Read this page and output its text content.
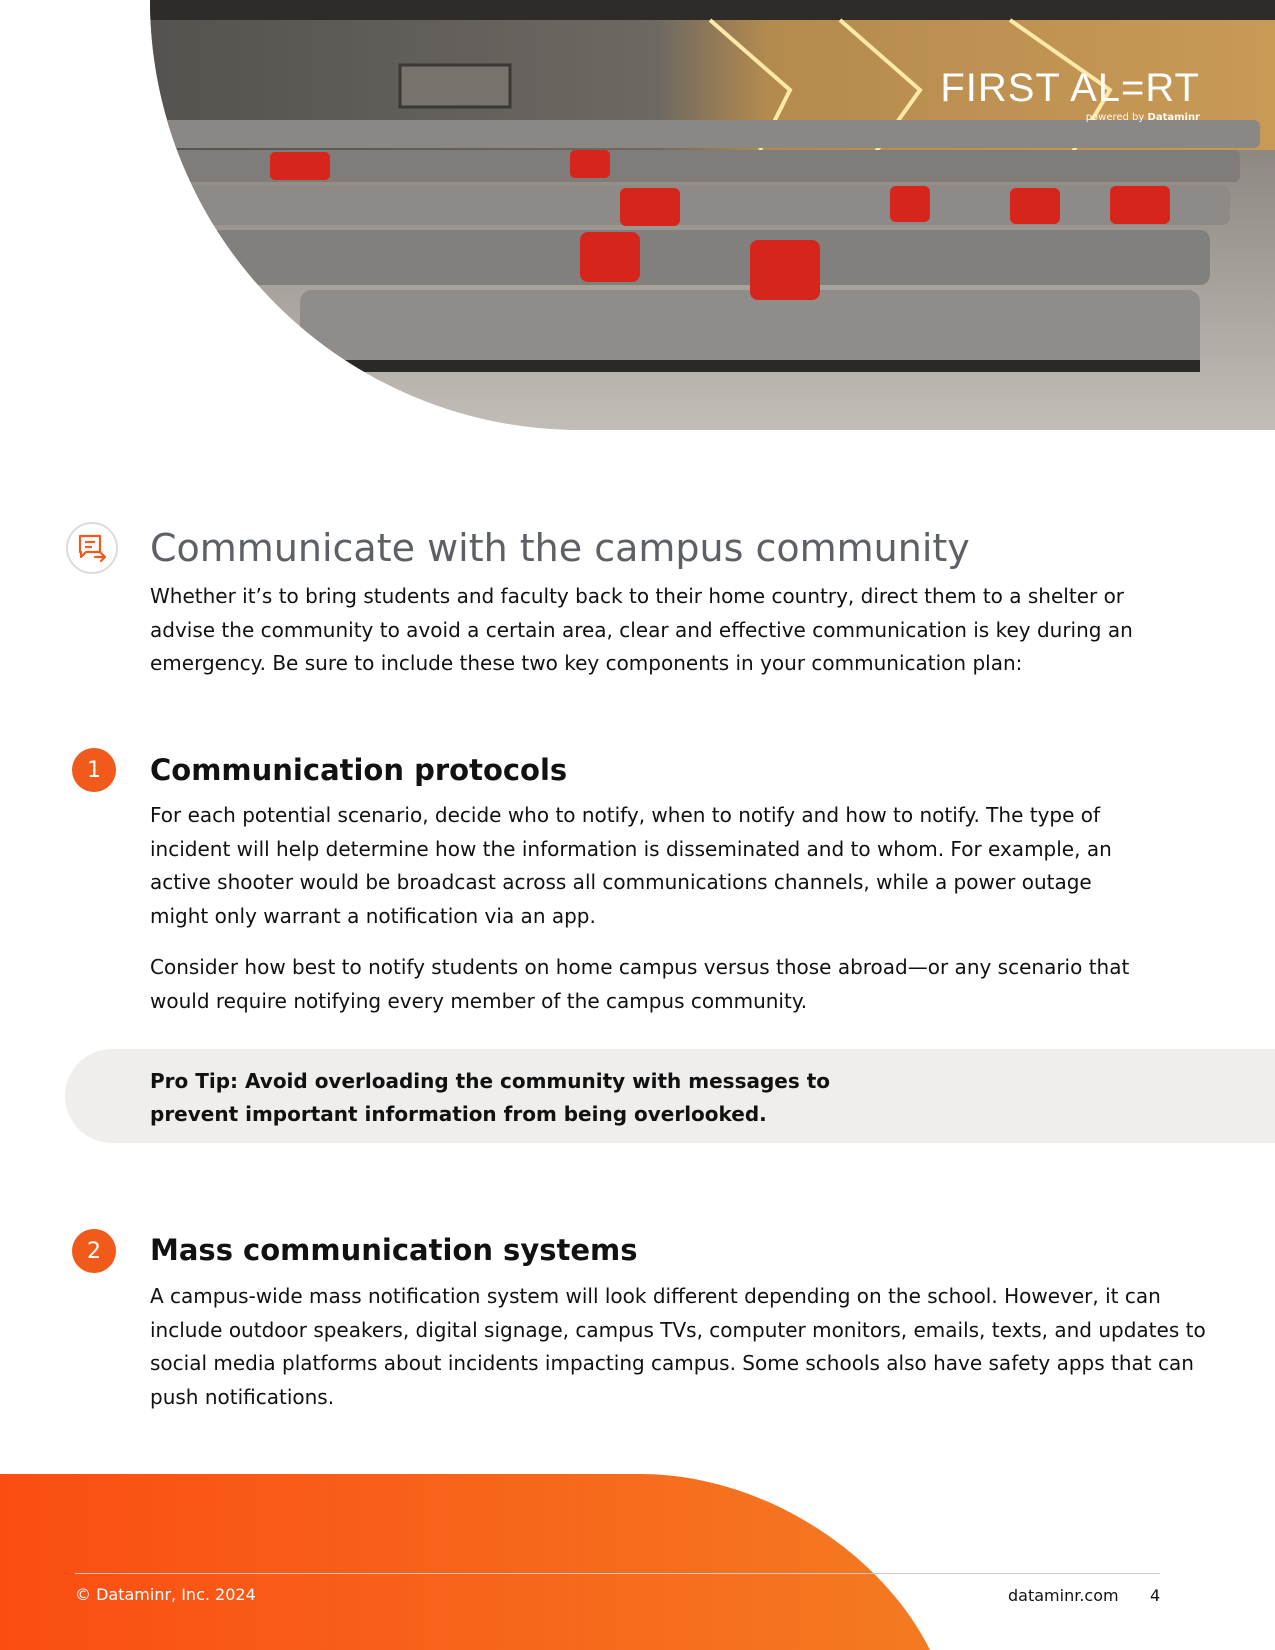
FIRST AL=RT
powered by Dataminr
Communicate with the campus community

Whether it’s to bring students and faculty back to their home country, direct them to a shelter or advise the community to avoid a certain area, clear and effective communication is key during an emergency. Be sure to include these two key components in your communication plan:

1	Communication protocols

For each potential scenario, decide who to notify, when to notify and how to notify. The type of incident will help determine how the information is disseminated and to whom. For example, an active shooter would be broadcast across all communications channels, while a power outage might only warrant a notification via an app.

Consider how best to notify students on home campus versus those abroad—or any scenario that would require notifying every member of the campus community.

Pro Tip: Avoid overloading the community with messages to prevent important information from being overlooked.

2	Mass communication systems

A campus-wide mass notification system will look different depending on the school. However, it can include outdoor speakers, digital signage, campus TVs, computer monitors, emails, texts, and updates to social media platforms about incidents impacting campus. Some schools also have safety apps that can push notifications.

© Dataminr, Inc. 2024	dataminr.com 4
